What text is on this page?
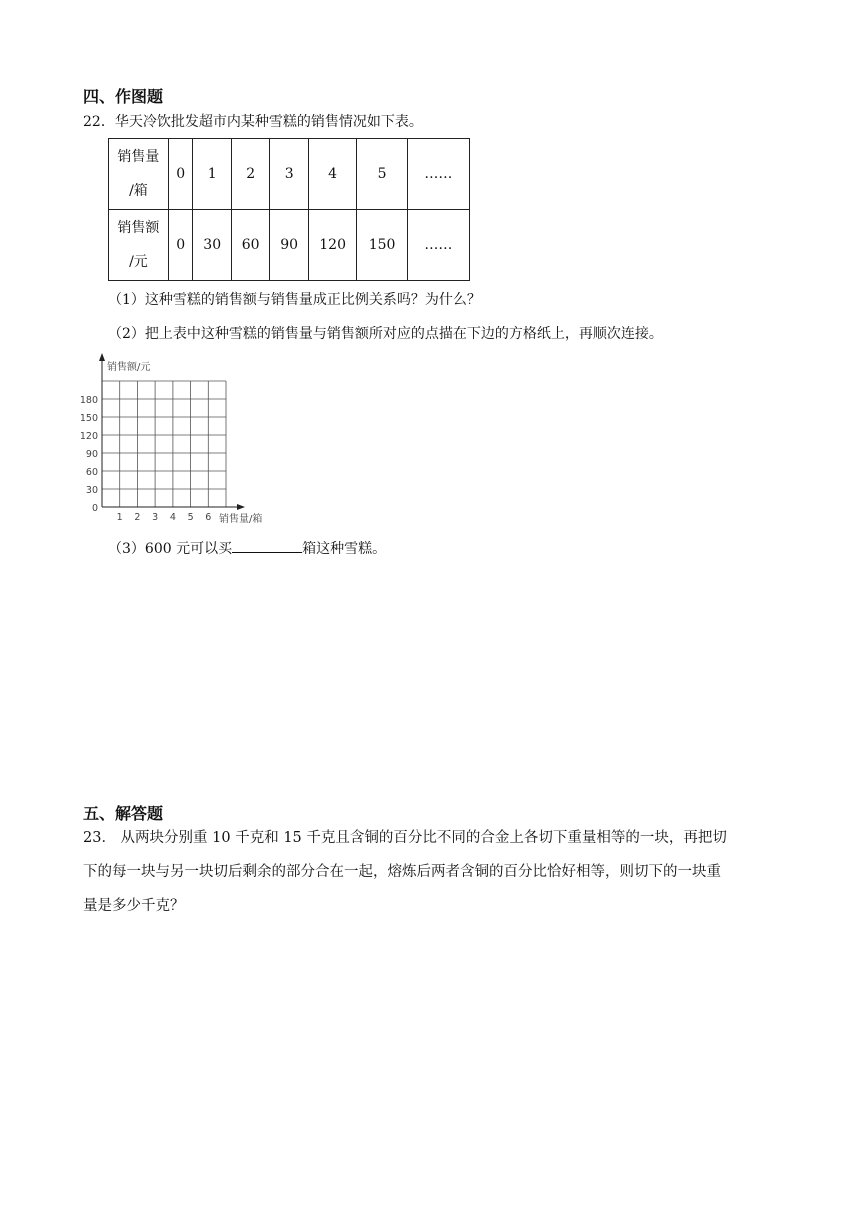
四、作图题
22．华天冷饮批发超市内某种雪糕的销售情况如下表。
销售量
/箱	0	1	2	3	4	5	……

销售额
/元	0	30	60	90	120	150	……
（1）这种雪糕的销售额与销售量成正比例关系吗？为什么？
（2）把上表中这种雪糕的销售量与销售额所对应的点描在下边的方格纸上，再顺次连接。
销售额/元
销售量/箱
0
30
60
90
120
150
180
1 2 3 4 5 6
（3）600 元可以买	箱这种雪糕。
五、解答题
23． 从两块分别重 10 千克和 15 千克且含铜的百分比不同的合金上各切下重量相等的一块，再把切
下的每一块与另一块切后剩余的部分合在一起，熔炼后两者含铜的百分比恰好相等，则切下的一块重
量是多少千克？
